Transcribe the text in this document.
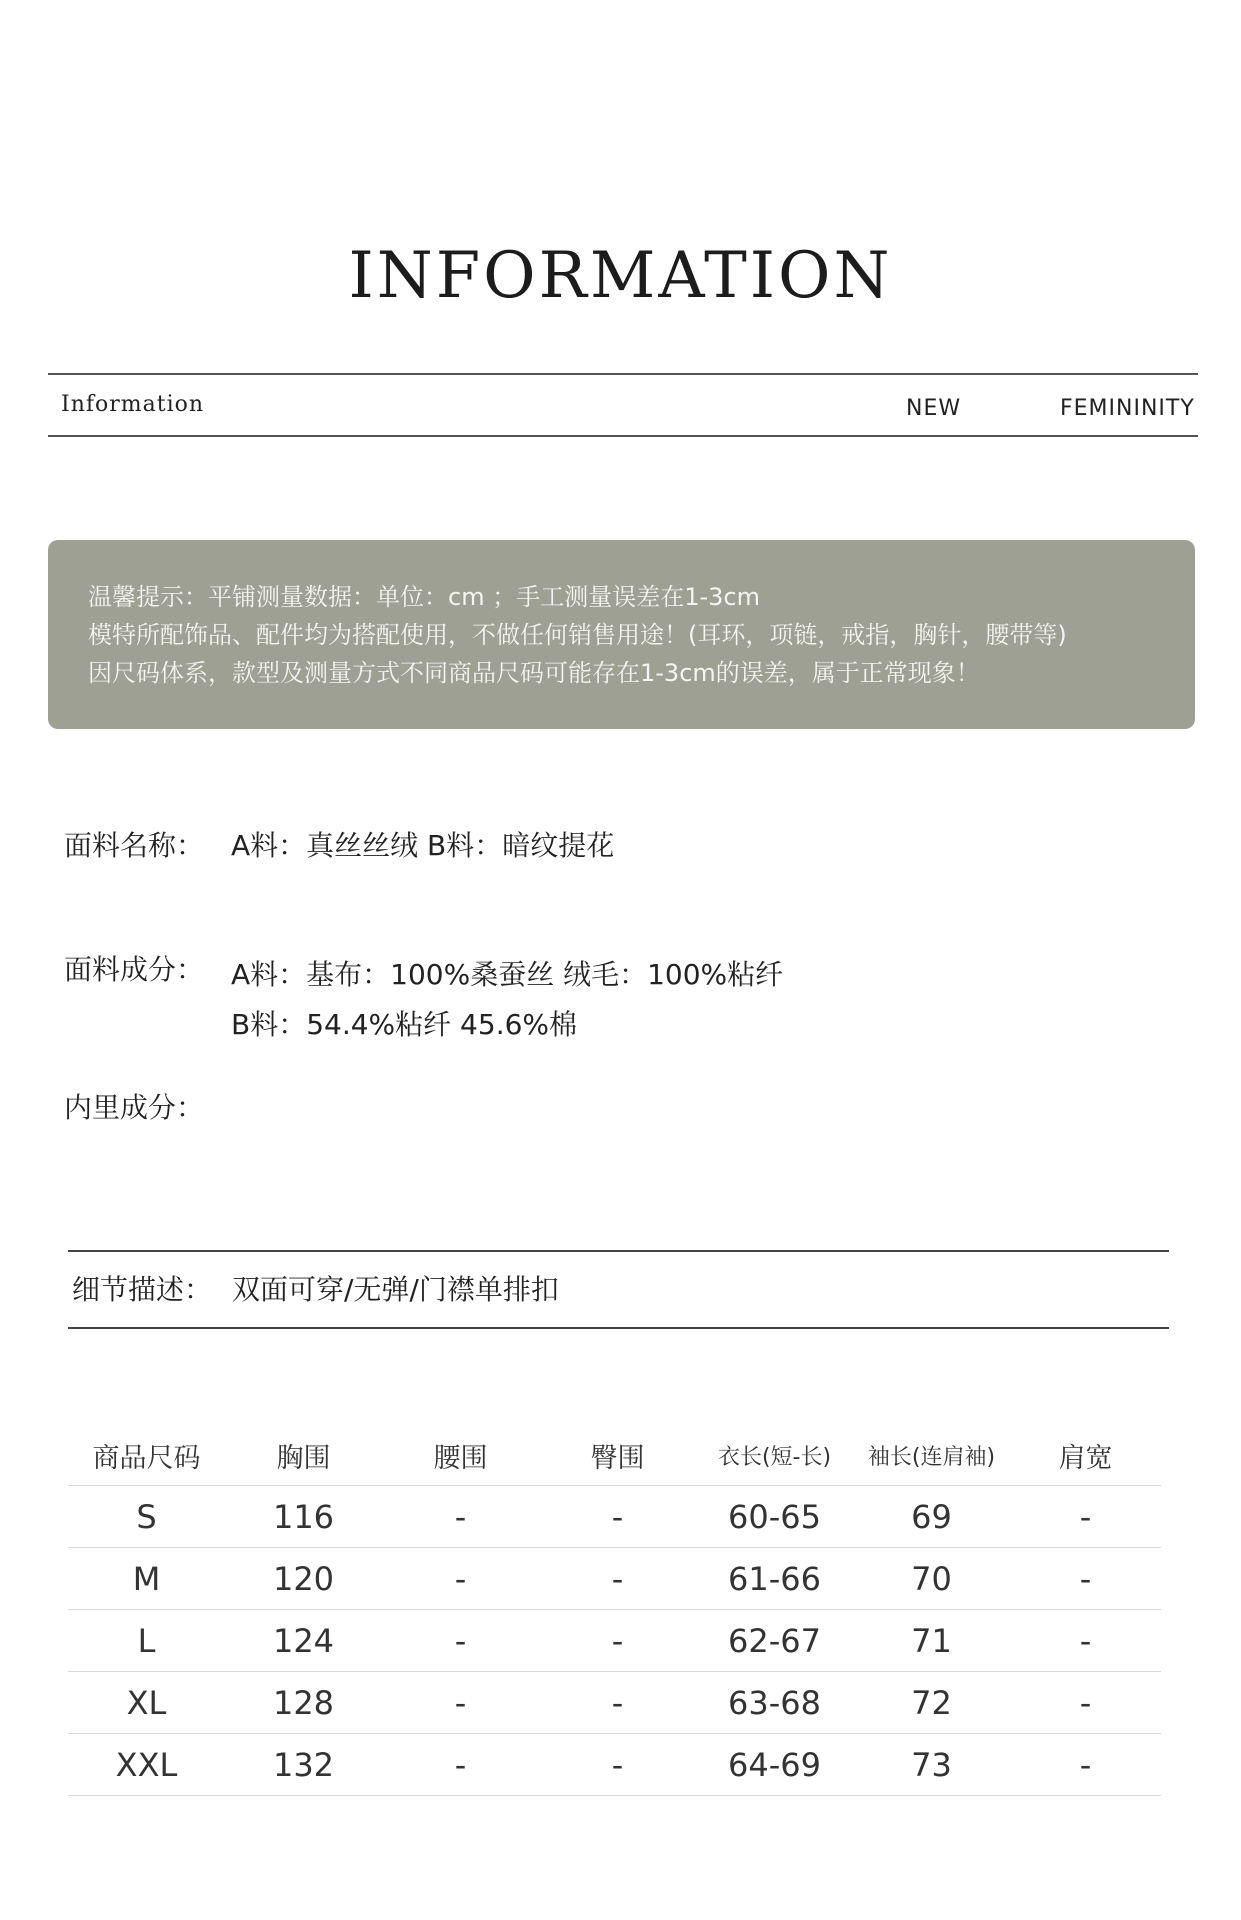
INFORMATION
Information	NEW	FEMININITY
温馨提示：平铺测量数据：单位：cm ；手工测量误差在1-3cm
模特所配饰品、配件均为搭配使用，不做任何销售用途！(耳环，项链，戒指，胸针，腰带等)
因尺码体系，款型及测量方式不同商品尺码可能存在1-3cm的误差，属于正常现象！
面料名称： A料：真丝丝绒 B料：暗纹提花
面料成分： A料：基布：100%桑蚕丝 绒毛：100%粘纤
B料：54.4%粘纤 45.6%棉
内里成分：
细节描述： 双面可穿/无弹/门襟单排扣
商品尺码	胸围	腰围	臀围	衣长(短-长)	袖长(连肩袖)	肩宽
S	116	-	-	60-65	69	-
M	120	-	-	61-66	70	-
L	124	-	-	62-67	71	-
XL	128	-	-	63-68	72	-
XXL	132	-	-	64-69	73	-
